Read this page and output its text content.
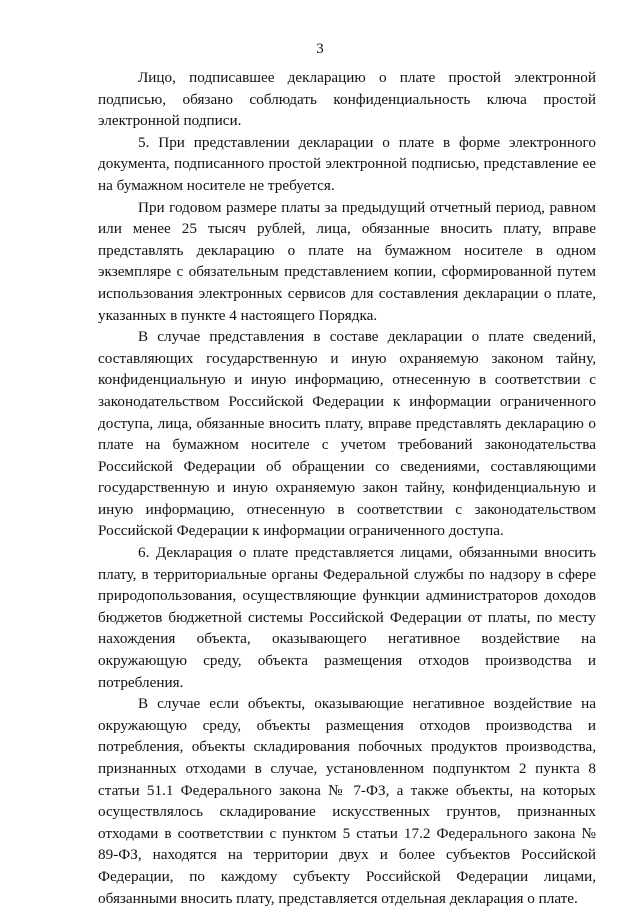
3

Лицо, подписавшее декларацию о плате простой электронной подписью, обязано соблюдать конфиденциальность ключа простой электронной подписи.

5. При представлении декларации о плате в форме электронного документа, подписанного простой электронной подписью, представление ее на бумажном носителе не требуется.

При годовом размере платы за предыдущий отчетный период, равном или менее 25 тысяч рублей, лица, обязанные вносить плату, вправе представлять декларацию о плате на бумажном носителе в одном экземпляре с обязательным представлением копии, сформированной путем использования электронных сервисов для составления декларации о плате, указанных в пункте 4 настоящего Порядка.

В случае представления в составе декларации о плате сведений, составляющих государственную и иную охраняемую законом тайну, конфиденциальную и иную информацию, отнесенную в соответствии с законодательством Российской Федерации к информации ограниченного доступа, лица, обязанные вносить плату, вправе представлять декларацию о плате на бумажном носителе с учетом требований законодательства Российской Федерации об обращении со сведениями, составляющими государственную и иную охраняемую закон тайну, конфиденциальную и иную информацию, отнесенную в соответствии с законодательством Российской Федерации к информации ограниченного доступа.

6. Декларация о плате представляется лицами, обязанными вносить плату, в территориальные органы Федеральной службы по надзору в сфере природопользования, осуществляющие функции администраторов доходов бюджетов бюджетной системы Российской Федерации от платы, по месту нахождения объекта, оказывающего негативное воздействие на окружающую среду, объекта размещения отходов производства и потребления.

В случае если объекты, оказывающие негативное воздействие на окружающую среду, объекты размещения отходов производства и потребления, объекты складирования побочных продуктов производства, признанных отходами в случае, установленном подпунктом 2 пункта 8 статьи 51.1 Федерального закона № 7-ФЗ, а также объекты, на которых осуществлялось складирование искусственных грунтов, признанных отходами в соответствии с пунктом 5 статьи 17.2 Федерального закона № 89-ФЗ, находятся на территории двух и более субъектов Российской Федерации, по каждому субъекту Российской Федерации лицами, обязанными вносить плату, представляется отдельная декларация о плате.
